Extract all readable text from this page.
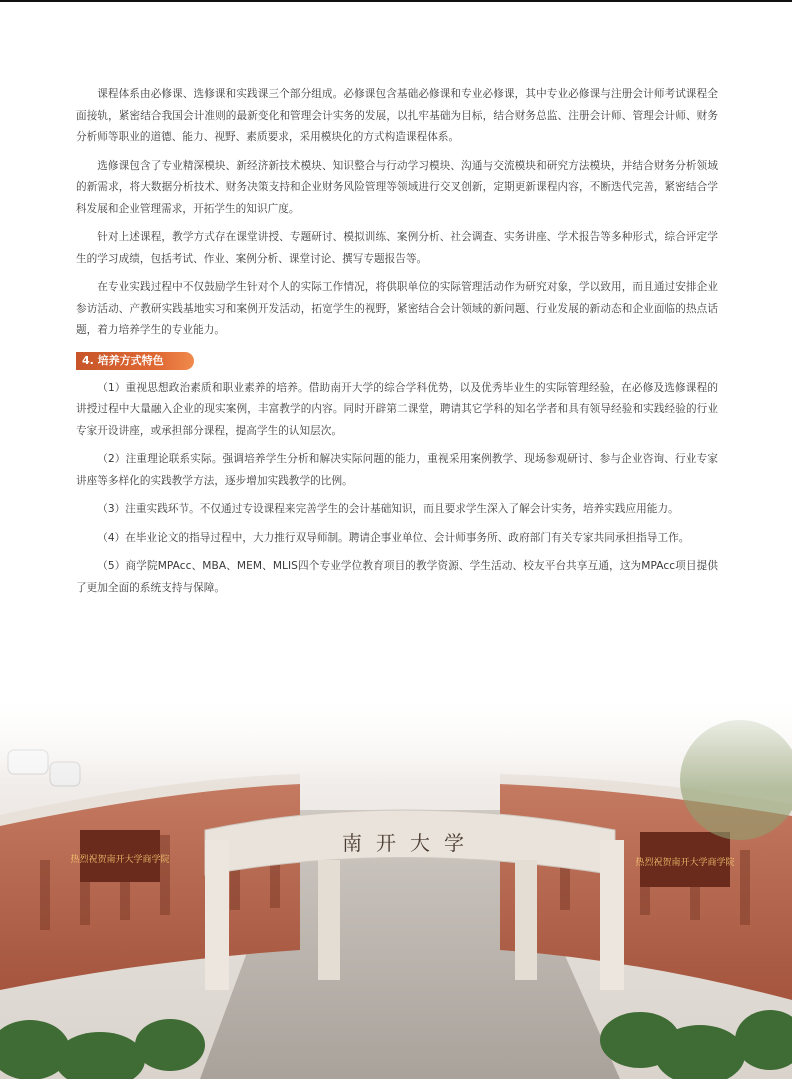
课程体系由必修课、选修课和实践课三个部分组成。必修课包含基础必修课和专业必修课，其中专业必修课与注册会计师考试课程全面接轨，紧密结合我国会计准则的最新变化和管理会计实务的发展，以扎牢基础为目标，结合财务总监、注册会计师、管理会计师、财务分析师等职业的道德、能力、视野、素质要求，采用模块化的方式构造课程体系。

选修课包含了专业精深模块、新经济新技术模块、知识整合与行动学习模块、沟通与交流模块和研究方法模块，并结合财务分析领域的新需求，将大数据分析技术、财务决策支持和企业财务风险管理等领域进行交叉创新，定期更新课程内容，不断迭代完善，紧密结合学科发展和企业管理需求，开拓学生的知识广度。

针对上述课程，教学方式存在课堂讲授、专题研讨、模拟训练、案例分析、社会调查、实务讲座、学术报告等多种形式，综合评定学生的学习成绩，包括考试、作业、案例分析、课堂讨论、撰写专题报告等。

在专业实践过程中不仅鼓励学生针对个人的实际工作情况，将供职单位的实际管理活动作为研究对象，学以致用，而且通过安排企业参访活动、产教研实践基地实习和案例开发活动，拓宽学生的视野，紧密结合会计领域的新问题、行业发展的新动态和企业面临的热点话题，着力培养学生的专业能力。

4. 培养方式特色

（1）重视思想政治素质和职业素养的培养。借助南开大学的综合学科优势，以及优秀毕业生的实际管理经验，在必修及选修课程的讲授过程中大量融入企业的现实案例，丰富教学的内容。同时开辟第二课堂，聘请其它学科的知名学者和具有领导经验和实践经验的行业专家开设讲座，或承担部分课程，提高学生的认知层次。

（2）注重理论联系实际。强调培养学生分析和解决实际问题的能力，重视采用案例教学、现场参观研讨、参与企业咨询、行业专家讲座等多样化的实践教学方法，逐步增加实践教学的比例。

（3）注重实践环节。不仅通过专设课程来完善学生的会计基础知识，而且要求学生深入了解会计实务，培养实践应用能力。

（4）在毕业论文的指导过程中，大力推行双导师制。聘请企事业单位、会计师事务所、政府部门有关专家共同承担指导工作。

（5）商学院MPAcc、MBA、MEM、MLIS四个专业学位教育项目的教学资源、学生活动、校友平台共享互通，这为MPAcc项目提供了更加全面的系统支持与保障。
